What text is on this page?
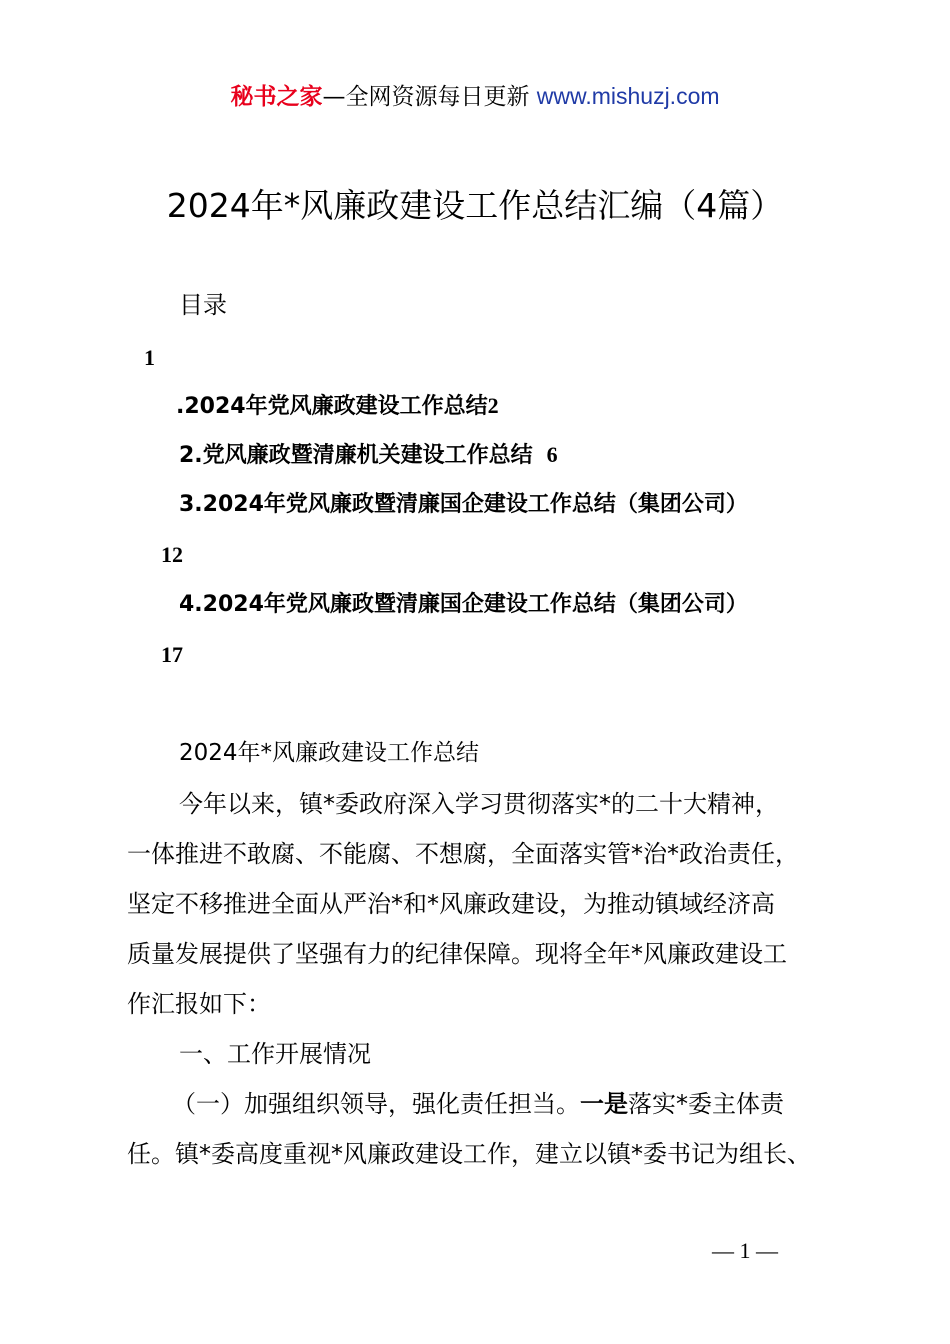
秘书之家—全网资源每日更新 www.mishuzj.com
2024年*风廉政建设工作总结汇编（4篇）
目录
1
.2024年党风廉政建设工作总结2
2.党风廉政暨清廉机关建设工作总结 6
3.2024年党风廉政暨清廉国企建设工作总结（集团公司）
12
4.2024年党风廉政暨清廉国企建设工作总结（集团公司）
17
2024年*风廉政建设工作总结
今年以来，镇*委政府深入学习贯彻落实*的二十大精神，
一体推进不敢腐、不能腐、不想腐，全面落实管*治*政治责任，
坚定不移推进全面从严治*和*风廉政建设，为推动镇域经济高
质量发展提供了坚强有力的纪律保障。现将全年*风廉政建设工
作汇报如下：
一、工作开展情况
（一）加强组织领导，强化责任担当。一是落实*委主体责
任。镇*委高度重视*风廉政建设工作，建立以镇*委书记为组长、
— 1 —
